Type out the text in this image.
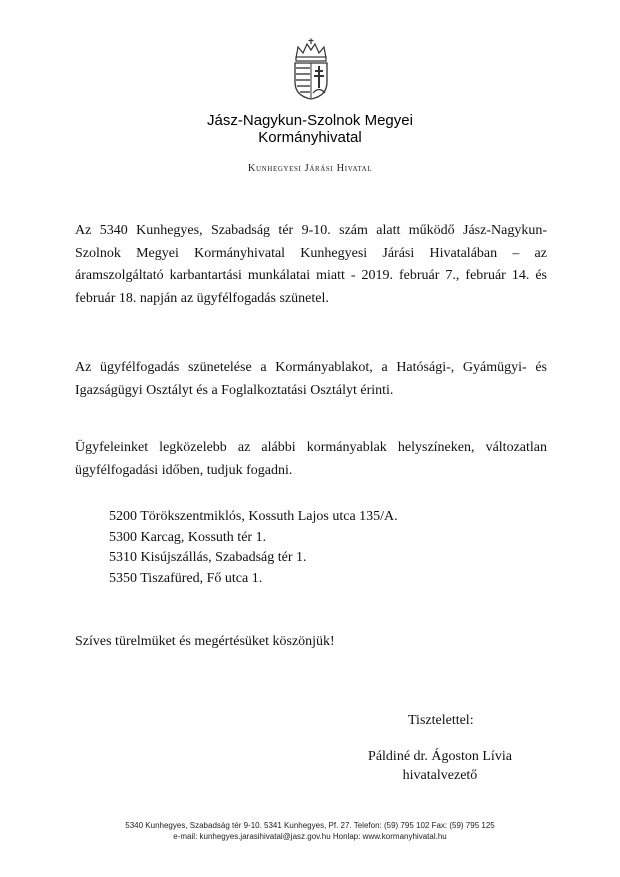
Jász-Nagykun-Szolnok Megyei
Kormányhivatal
Kunhegyesi Járási Hivatal
Az 5340 Kunhegyes, Szabadság tér 9-10. szám alatt működő Jász-Nagykun-Szolnok Megyei Kormányhivatal Kunhegyesi Járási Hivatalában – az áramszolgáltató karbantartási munkálatai miatt - 2019. február 7., február 14. és február 18. napján az ügyfélfogadás szünetel.
Az ügyfélfogadás szünetelése a Kormányablakot, a Hatósági-, Gyámügyi- és Igazságügyi Osztályt és a Foglalkoztatási Osztályt érinti.
Ügyfeleinket legközelebb az alábbi kormányablak helyszíneken, változatlan ügyfélfogadási időben, tudjuk fogadni.
5200 Törökszentmiklós, Kossuth Lajos utca 135/A.
5300 Karcag, Kossuth tér 1.
5310 Kisújszállás, Szabadság tér 1.
5350 Tiszafüred, Fő utca 1.
Szíves türelmüket és megértésüket köszönjük!
Tisztelettel:
Páldiné dr. Ágoston Lívia
hivatalvezető
5340 Kunhegyes, Szabadság tér 9-10. 5341 Kunhegyes, Pf. 27. Telefon: (59) 795 102 Fax: (59) 795 125
e-mail: kunhegyes.jarasihivatal@jasz.gov.hu Honlap: www.kormanyhivatal.hu
